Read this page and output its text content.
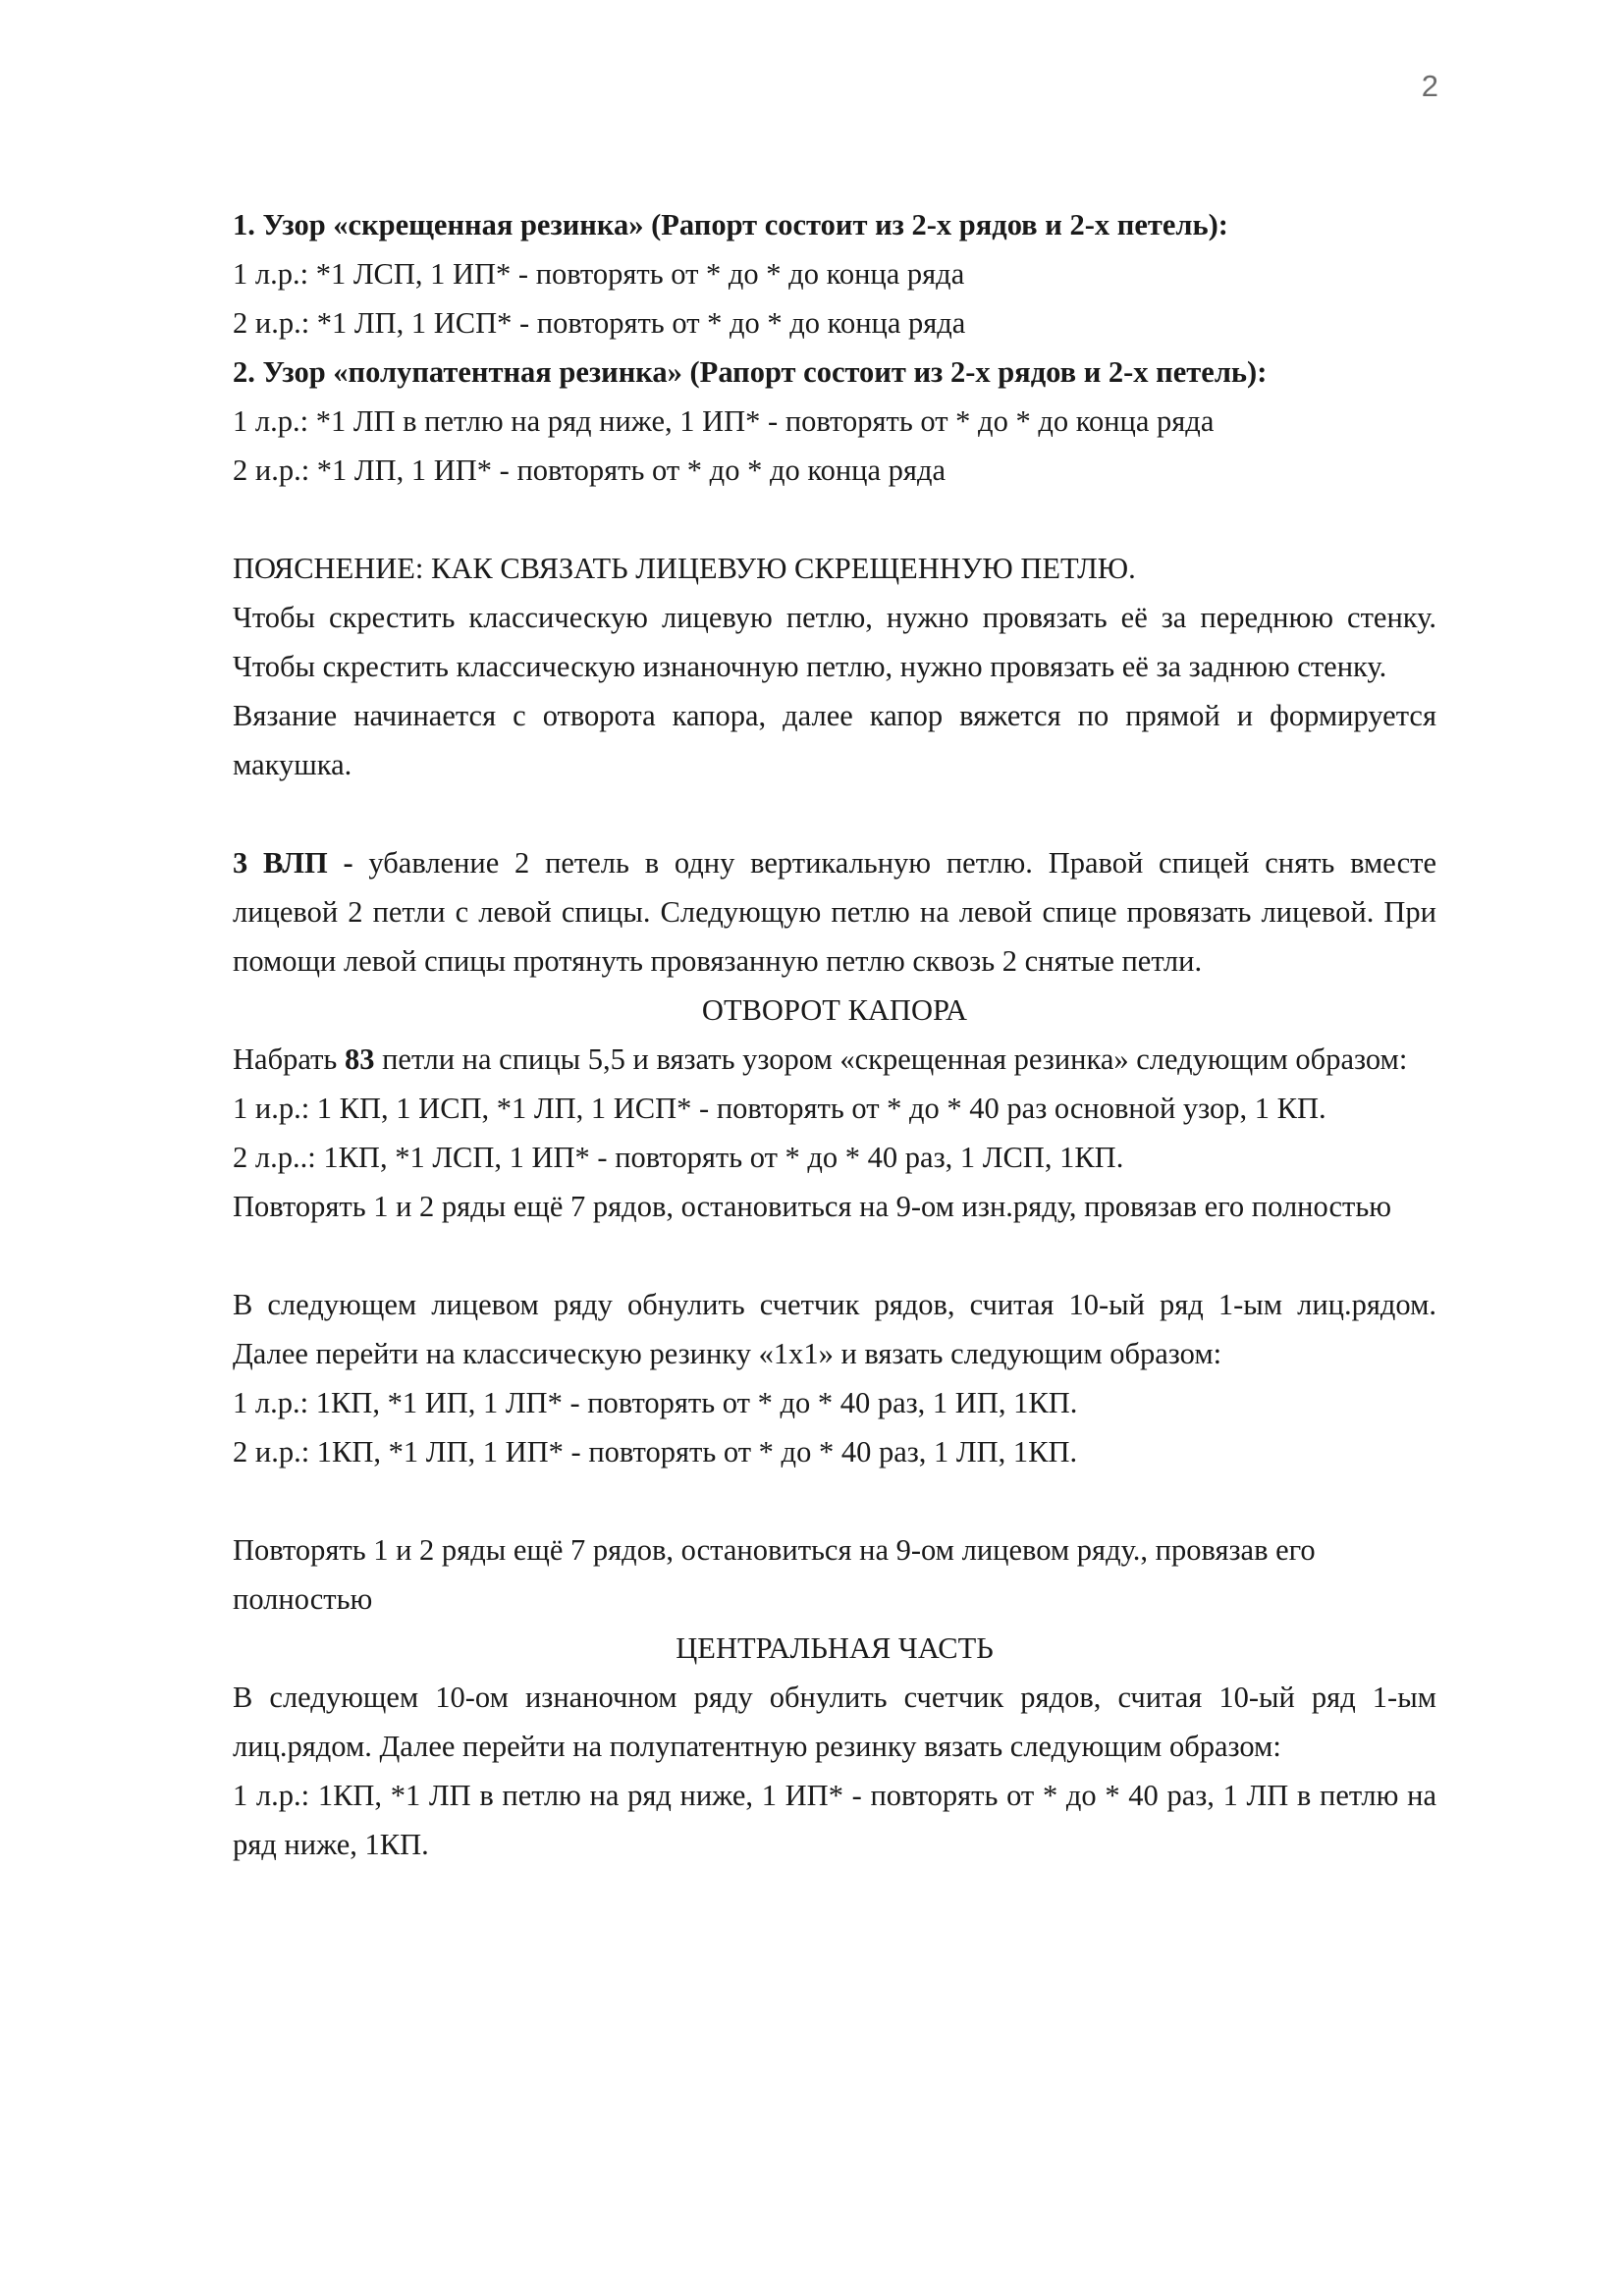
2

1. Узор «скрещенная резинка» (Рапорт состоит из 2-х рядов и 2-х петель):

1 л.р.: *1 ЛСП, 1 ИП* - повторять от * до * до конца ряда

2 и.р.: *1 ЛП, 1 ИСП* - повторять от * до * до конца ряда

2. Узор «полупатентная резинка» (Рапорт состоит из 2-х рядов и 2-х петель):

1 л.р.: *1 ЛП в петлю на ряд ниже, 1 ИП* - повторять от * до * до конца ряда

2 и.р.: *1 ЛП, 1 ИП* - повторять от * до * до конца ряда

ПОЯСНЕНИЕ: КАК СВЯЗАТЬ ЛИЦЕВУЮ СКРЕЩЕННУЮ ПЕТЛЮ.

Чтобы скрестить классическую лицевую петлю, нужно провязать её за переднюю стенку. Чтобы скрестить классическую изнаночную петлю, нужно провязать её за заднюю стенку.

Вязание начинается с отворота капора, далее капор вяжется по прямой и формируется макушка.

3 ВЛП - убавление 2 петель в одну вертикальную петлю. Правой спицей снять вместе лицевой 2 петли с левой спицы. Следующую петлю на левой спице провязать лицевой. При помощи левой спицы протянуть провязанную петлю сквозь 2 снятые петли.

ОТВОРОТ КАПОРА

Набрать 83 петли на спицы 5,5 и вязать узором «скрещенная резинка» следующим образом:

1 и.р.: 1 КП, 1 ИСП, *1 ЛП, 1 ИСП* - повторять от * до * 40 раз основной узор, 1 КП.

2 л.р..: 1КП, *1 ЛСП, 1 ИП* - повторять от * до * 40 раз, 1 ЛСП, 1КП.

Повторять 1 и 2 ряды ещё 7 рядов, остановиться на 9-ом изн.ряду, провязав его полностью

В следующем лицевом ряду обнулить счетчик рядов, считая 10-ый ряд 1-ым лиц.рядом. Далее перейти на классическую резинку «1х1» и вязать следующим образом:

1 л.р.: 1КП, *1 ИП, 1 ЛП* - повторять от * до * 40 раз, 1 ИП, 1КП.

2 и.р.: 1КП, *1 ЛП, 1 ИП* - повторять от * до * 40 раз, 1 ЛП, 1КП.

Повторять 1 и 2 ряды ещё 7 рядов, остановиться на 9-ом лицевом ряду., провязав его полностью

ЦЕНТРАЛЬНАЯ ЧАСТЬ

В следующем 10-ом изнаночном ряду обнулить счетчик рядов, считая 10-ый ряд 1-ым лиц.рядом. Далее перейти на полупатентную резинку вязать следующим образом:

1 л.р.: 1КП, *1 ЛП в петлю на ряд ниже, 1 ИП* - повторять от * до * 40 раз, 1 ЛП в петлю на ряд ниже, 1КП.
